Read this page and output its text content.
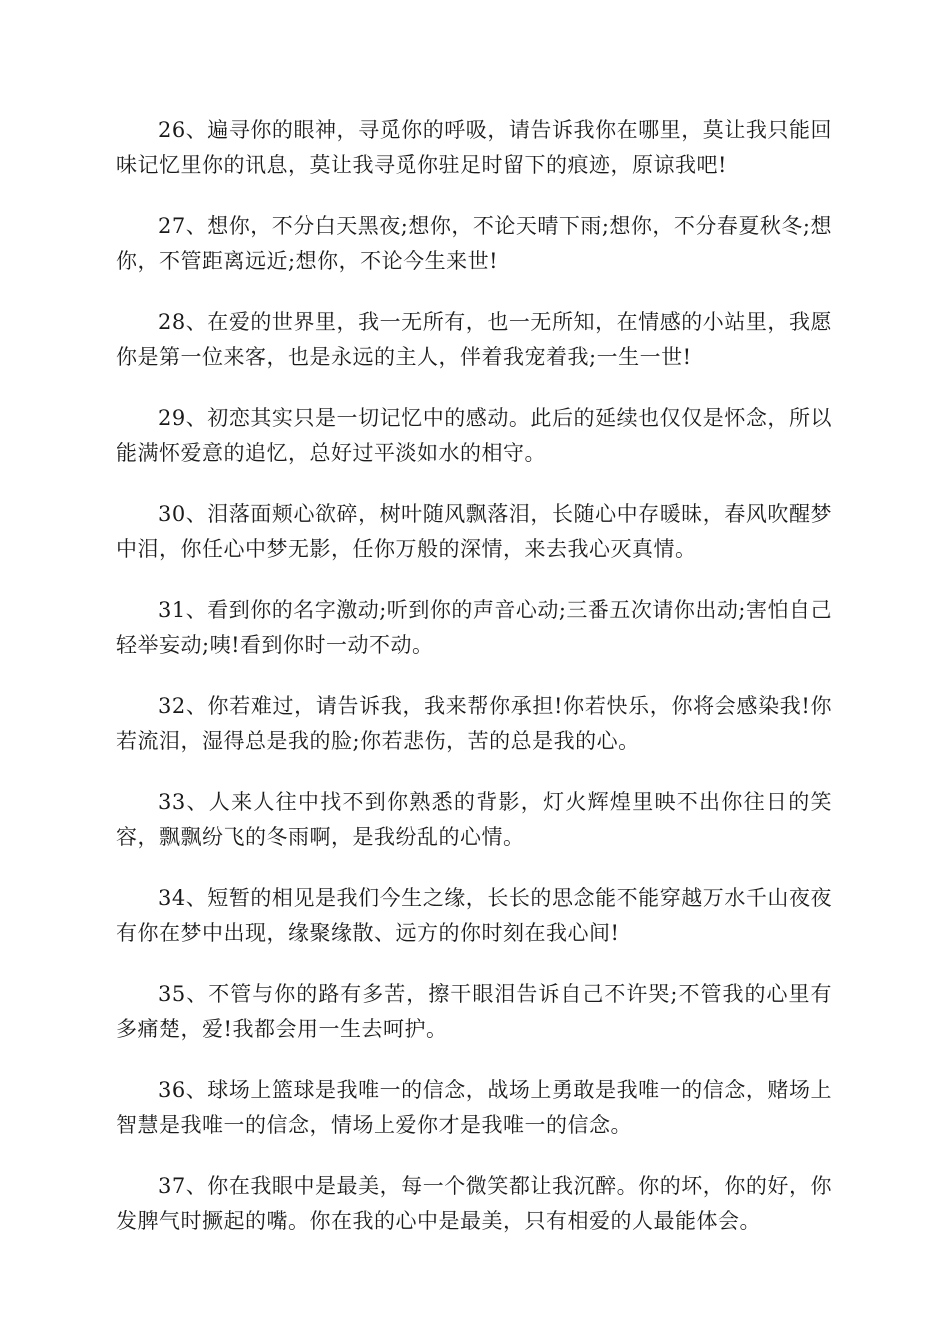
26、遍寻你的眼神，寻觅你的呼吸，请告诉我你在哪里，莫让我只能回味记忆里你的讯息，莫让我寻觅你驻足时留下的痕迹，原谅我吧!

27、想你，不分白天黑夜;想你，不论天晴下雨;想你，不分春夏秋冬;想你，不管距离远近;想你，不论今生来世!

28、在爱的世界里，我一无所有，也一无所知，在情感的小站里，我愿你是第一位来客，也是永远的主人，伴着我宠着我;一生一世!

29、初恋其实只是一切记忆中的感动。此后的延续也仅仅是怀念，所以能满怀爱意的追忆，总好过平淡如水的相守。

30、泪落面颊心欲碎，树叶随风飘落泪，长随心中存暖昧，春风吹醒梦中泪，你任心中梦无影，任你万般的深情，来去我心灭真情。

31、看到你的名字激动;听到你的声音心动;三番五次请你出动;害怕自己轻举妄动;咦!看到你时一动不动。

32、你若难过，请告诉我，我来帮你承担!你若快乐，你将会感染我!你若流泪，湿得总是我的脸;你若悲伤，苦的总是我的心。

33、人来人往中找不到你熟悉的背影，灯火辉煌里映不出你往日的笑容，飘飘纷飞的冬雨啊，是我纷乱的心情。

34、短暂的相见是我们今生之缘，长长的思念能不能穿越万水千山夜夜有你在梦中出现，缘聚缘散、远方的你时刻在我心间!

35、不管与你的路有多苦，擦干眼泪告诉自己不许哭;不管我的心里有多痛楚，爱!我都会用一生去呵护。

36、球场上篮球是我唯一的信念，战场上勇敢是我唯一的信念，赌场上智慧是我唯一的信念，情场上爱你才是我唯一的信念。

37、你在我眼中是最美，每一个微笑都让我沉醉。你的坏，你的好，你发脾气时撅起的嘴。你在我的心中是最美，只有相爱的人最能体会。
